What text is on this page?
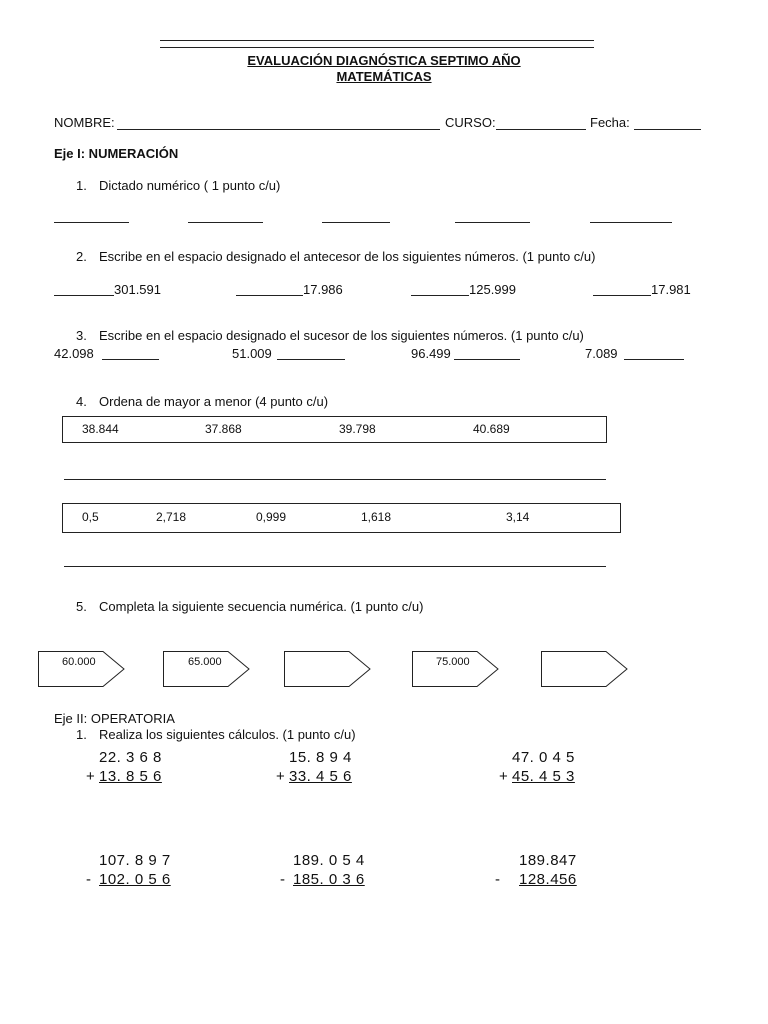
EVALUACIÓN DIAGNÓSTICA SEPTIMO AÑO
MATEMÁTICAS
NOMBRE:	CURSO:	Fecha:
Eje I: NUMERACIÓN
1. Dictado numérico ( 1 punto c/u)
2. Escribe en el espacio designado el antecesor de los siguientes números. (1 punto c/u)
301.591	17.986	125.999	17.981
3. Escribe en el espacio designado el sucesor de los siguientes números. (1 punto c/u)
42.098	51.009	96.499	7.089
4. Ordena de mayor a menor (4 punto c/u)
38.844	37.868	39.798	40.689
0,5	2,718	0,999	1,618	3,14
5. Completa la siguiente secuencia numérica. (1 punto c/u)
60.000	65.000	75.000
Eje II: OPERATORIA
1. Realiza los siguientes cálculos. (1 punto c/u)
22. 3 6 8
+ 13. 8 5 6
15. 8 9 4
+ 33. 4 5 6
47. 0 4 5
+ 45. 4 5 3
107. 8 9 7
- 102. 0 5 6
189. 0 5 4
- 185. 0 3 6
189.847
- 128.456
